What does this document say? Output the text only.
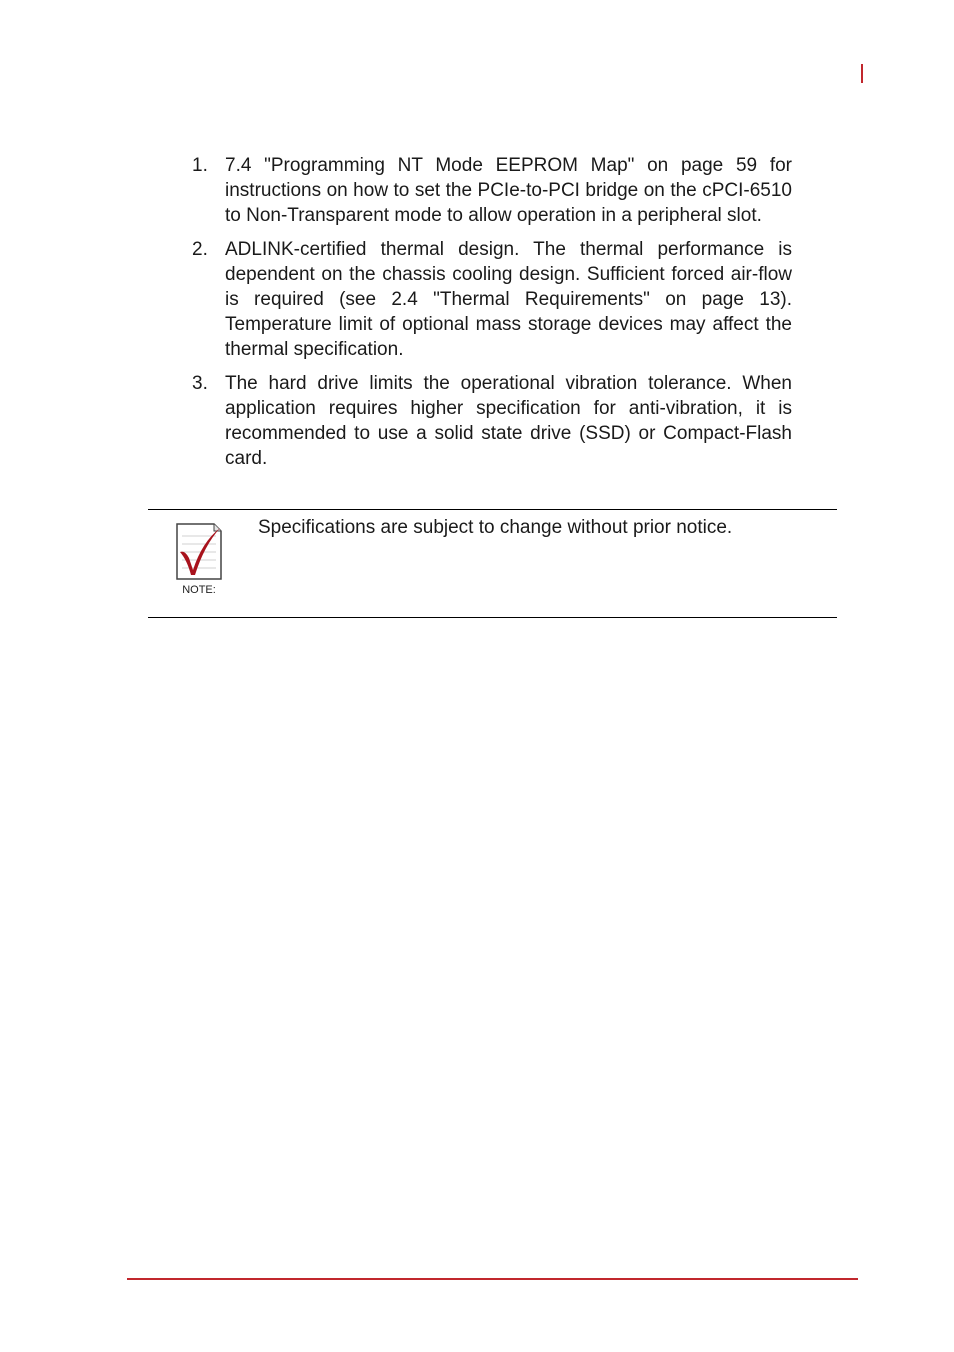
1. 7.4 "Programming NT Mode EEPROM Map" on page 59 for instructions on how to set the PCIe-to-PCI bridge on the cPCI-6510 to Non-Transparent mode to allow operation in a peripheral slot.
2. ADLINK-certified thermal design. The thermal performance is dependent on the chassis cooling design. Sufficient forced air-flow is required (see 2.4 "Thermal Requirements" on page 13). Temperature limit of optional mass storage devices may affect the thermal specification.
3. The hard drive limits the operational vibration tolerance. When application requires higher specification for anti-vibration, it is recommended to use a solid state drive (SSD) or Compact-Flash card.
NOTE:
Specifications are subject to change without prior notice.
